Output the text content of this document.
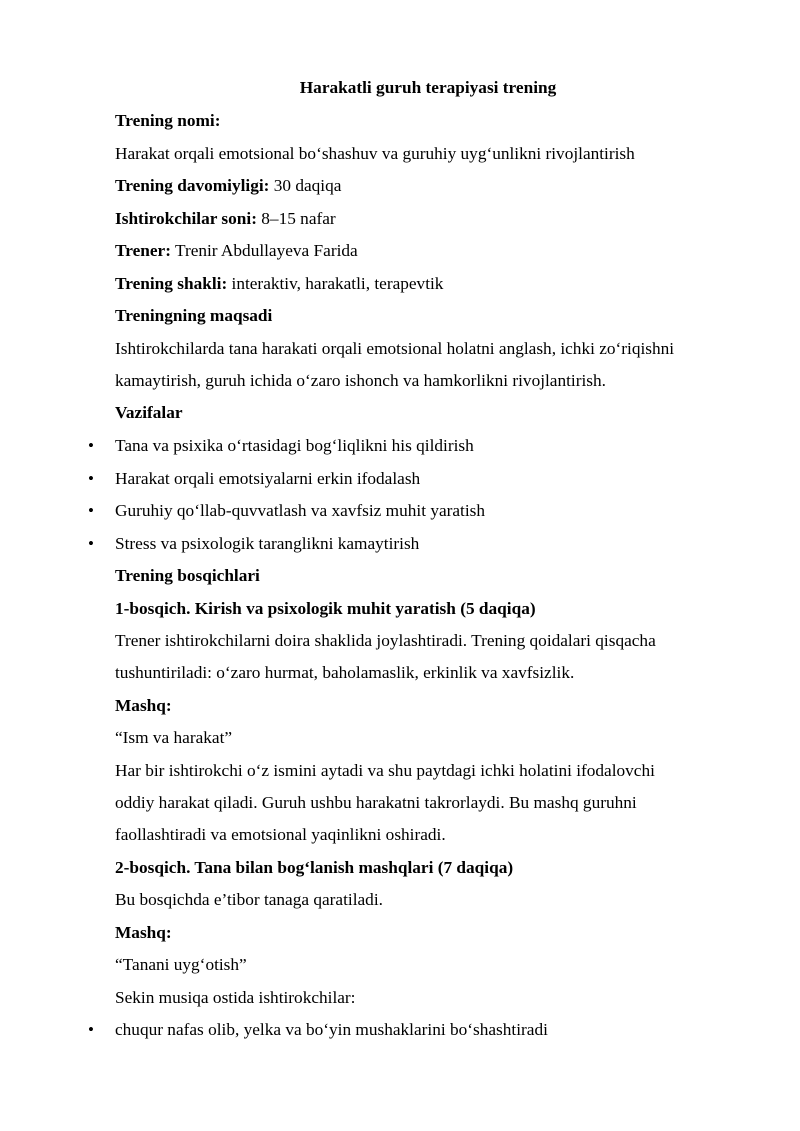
Harakatli guruh terapiyasi trening
Trening nomi:
Harakat orqali emotsional bo‘shashuv va guruhiy uyg‘unlikni rivojlantirish
Trening davomiyligi: 30 daqiqa
Ishtirokchilar soni: 8–15 nafar
Trener: Trenir Abdullayeva Farida
Trening shakli: interaktiv, harakatli, terapevtik
Treningning maqsadi
Ishtirokchilarda tana harakati orqali emotsional holatni anglash, ichki zo‘riqishni
kamaytirish, guruh ichida o‘zaro ishonch va hamkorlikni rivojlantirish.
Vazifalar
• Tana va psixika o‘rtasidagi bog‘liqlikni his qildirish
• Harakat orqali emotsiyalarni erkin ifodalash
• Guruhiy qo‘llab-quvvatlash va xavfsiz muhit yaratish
• Stress va psixologik taranglikni kamaytirish
Trening bosqichlari
1-bosqich. Kirish va psixologik muhit yaratish (5 daqiqa)
Trener ishtirokchilarni doira shaklida joylashtiradi. Trening qoidalari qisqacha
tushuntiriladi: o‘zaro hurmat, baholamaslik, erkinlik va xavfsizlik.
Mashq:
“Ism va harakat”
Har bir ishtirokchi o‘z ismini aytadi va shu paytdagi ichki holatini ifodalovchi
oddiy harakat qiladi. Guruh ushbu harakatni takrorlaydi. Bu mashq guruhni
faollashtiradi va emotsional yaqinlikni oshiradi.
2-bosqich. Tana bilan bog‘lanish mashqlari (7 daqiqa)
Bu bosqichda e’tibor tanaga qaratiladi.
Mashq:
“Tanani uyg‘otish”
Sekin musiqa ostida ishtirokchilar:
• chuqur nafas olib, yelka va bo‘yin mushaklarini bo‘shashtiradi
